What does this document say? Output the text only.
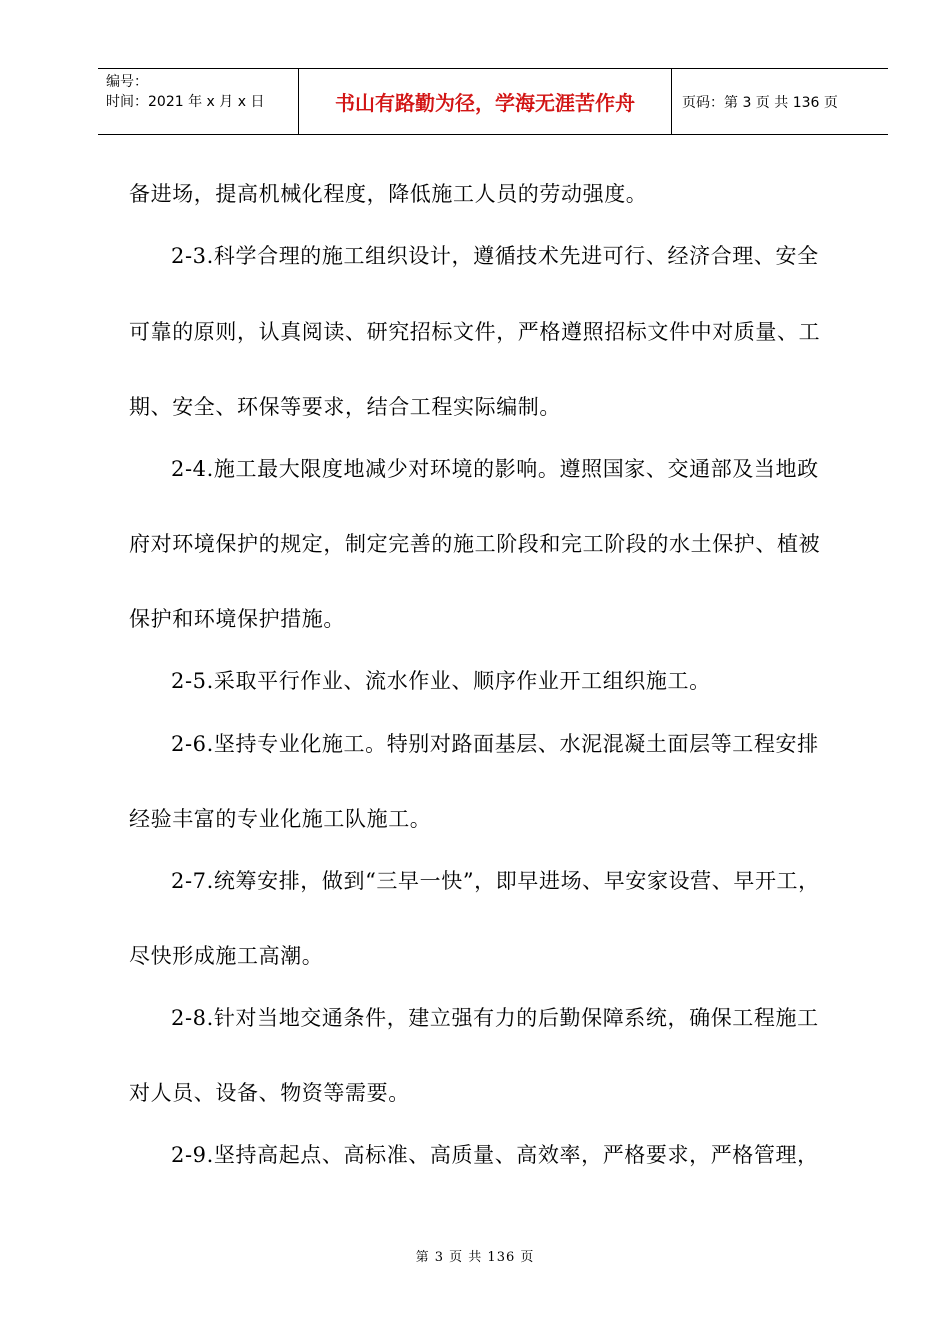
编号：
时间：2021 年 x 月 x 日	书山有路勤为径，学海无涯苦作舟	页码：第 3 页 共 136 页
备进场，提高机械化程度，降低施工人员的劳动强度。
2-3.科学合理的施工组织设计，遵循技术先进可行、经济合理、安全
可靠的原则，认真阅读、研究招标文件，严格遵照招标文件中对质量、工
期、安全、环保等要求，结合工程实际编制。
2-4.施工最大限度地减少对环境的影响。遵照国家、交通部及当地政
府对环境保护的规定，制定完善的施工阶段和完工阶段的水土保护、植被
保护和环境保护措施。
2-5.采取平行作业、流水作业、顺序作业开工组织施工。
2-6.坚持专业化施工。特别对路面基层、水泥混凝土面层等工程安排
经验丰富的专业化施工队施工。
2-7.统筹安排，做到“三早一快”，即早进场、早安家设营、早开工，
尽快形成施工高潮。
2-8.针对当地交通条件，建立强有力的后勤保障系统，确保工程施工
对人员、设备、物资等需要。
2-9.坚持高起点、高标准、高质量、高效率，严格要求，严格管理，
第 3 页 共 136 页
